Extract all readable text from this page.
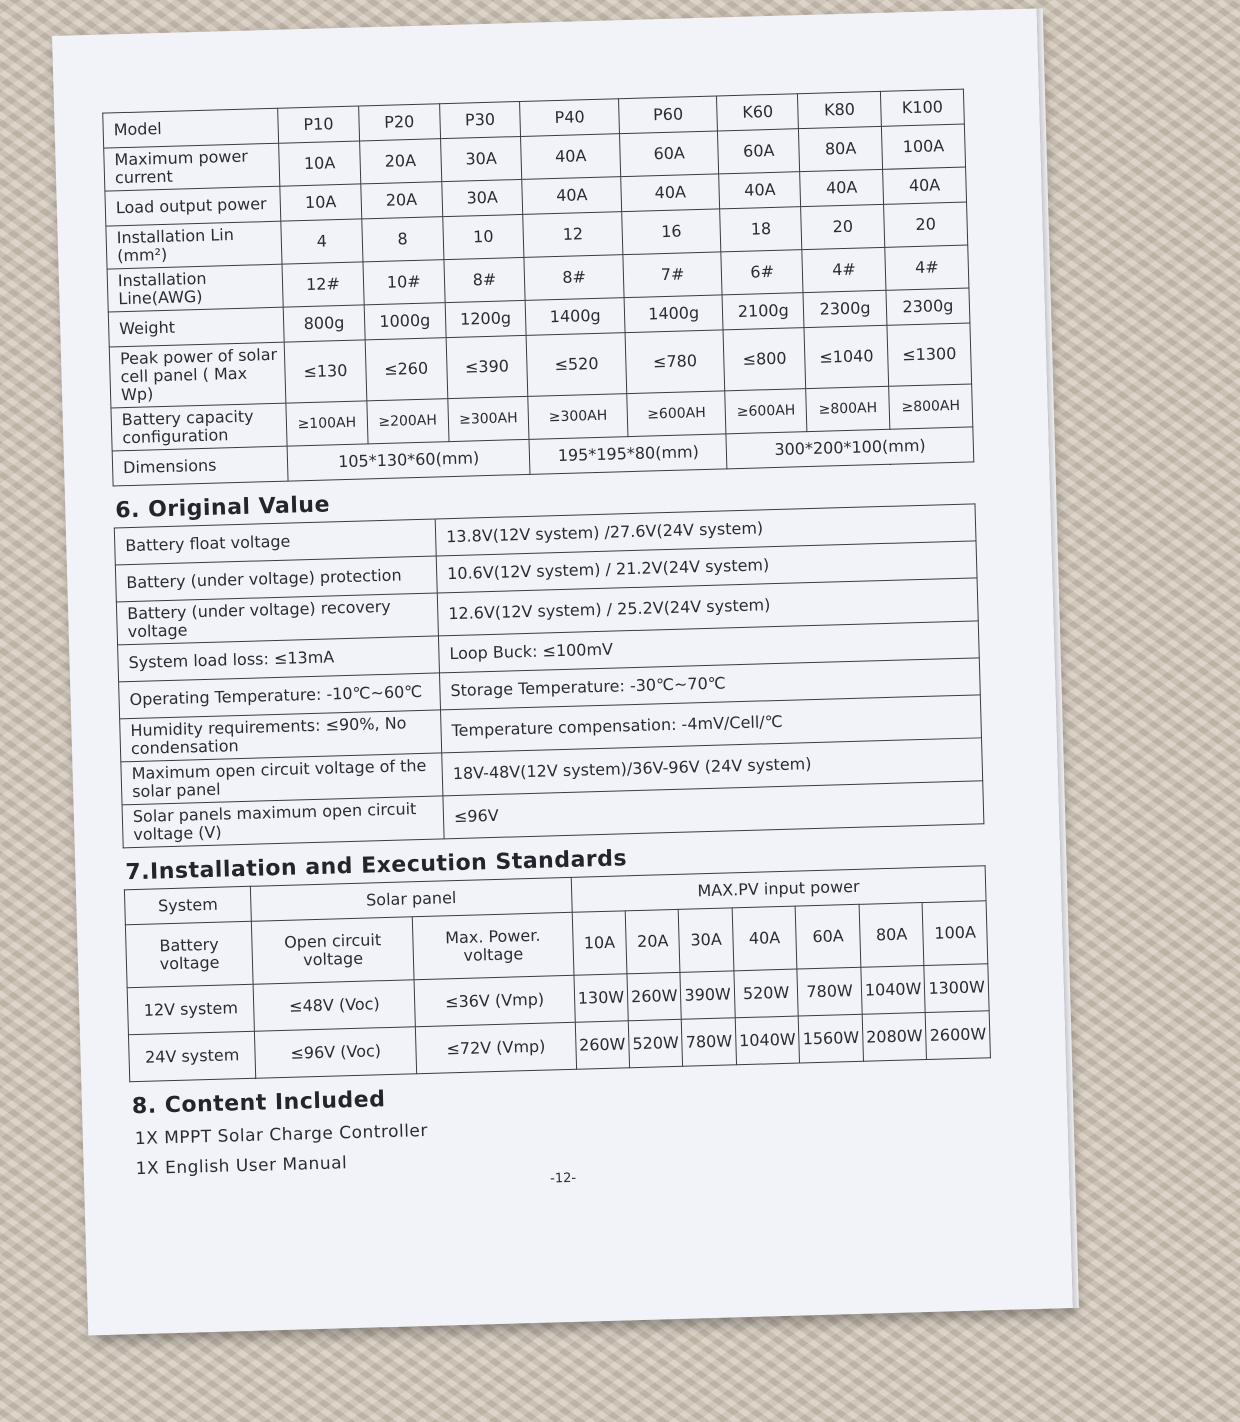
Model	P10	P20	P30	P40	P60	K60	K80	K100
Maximum power current	10A	20A	30A	40A	60A	60A	80A	100A
Load output power	10A	20A	30A	40A	40A	40A	40A	40A
Installation Lin (mm²)	4	8	10	12	16	18	20	20
Installation Line(AWG)	12#	10#	8#	8#	7#	6#	4#	4#
Weight	800g	1000g	1200g	1400g	1400g	2100g	2300g	2300g
Peak power of solar cell panel ( Max Wp)	≤130	≤260	≤390	≤520	≤780	≤800	≤1040	≤1300
Battery capacity configuration	≥100AH	≥200AH	≥300AH	≥300AH	≥600AH	≥600AH	≥800AH	≥800AH
Dimensions	105*130*60(mm)			195*195*80(mm)		300*200*100(mm)		
6. Original Value
Battery float voltage	13.8V(12V system) /27.6V(24V system)
Battery (under voltage) protection	10.6V(12V system) / 21.2V(24V system)
Battery (under voltage) recovery voltage	12.6V(12V system) / 25.2V(24V system)
System load loss: ≤13mA	Loop Buck: ≤100mV
Operating Temperature: -10℃~60℃	Storage Temperature: -30℃~70℃
Humidity requirements: ≤90%, No condensation	Temperature compensation: -4mV/Cell/℃
Maximum open circuit voltage of the solar panel	18V-48V(12V system)/36V-96V (24V system)
Solar panels maximum open circuit voltage (V)	≤96V
7.Installation and Execution Standards
System	Solar panel		MAX.PV input power						
Battery voltage	Open circuit voltage	Max. Power. voltage	10A	20A	30A	40A	60A	80A	100A
12V system	≤48V (Voc)	≤36V (Vmp)	130W	260W	390W	520W	780W	1040W	1300W
24V system	≤96V (Voc)	≤72V (Vmp)	260W	520W	780W	1040W	1560W	2080W	2600W
8. Content Included
1X MPPT Solar Charge Controller
1X English User Manual	-12-
